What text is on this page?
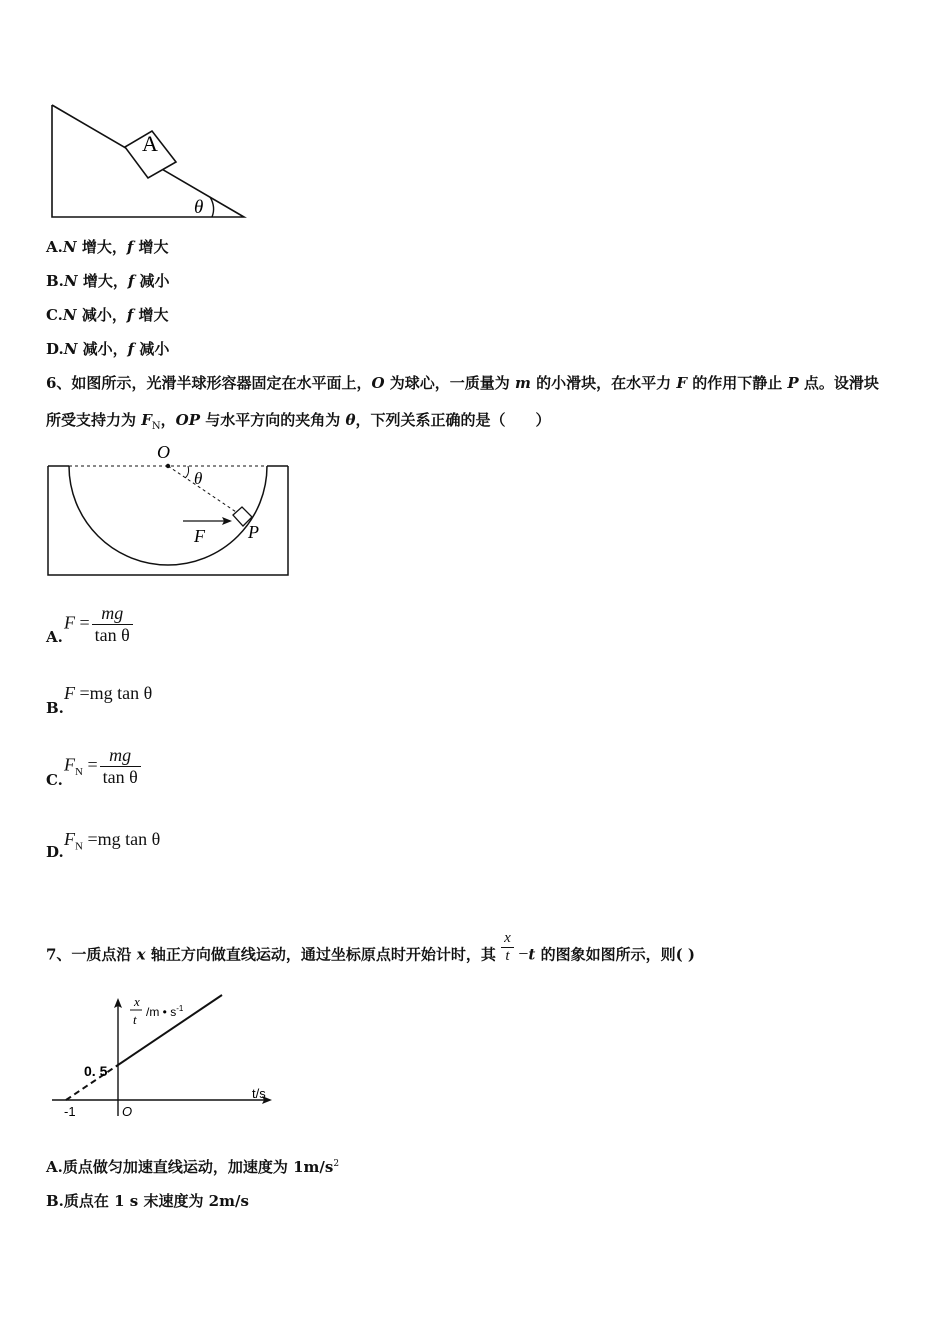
A
θ
A.N 增大，f 增大
B.N 增大，f 减小
C.N 减小，f 增大
D.N 减小，f 减小
6、如图所示，光滑半球形容器固定在水平面上，O 为球心，一质量为 m 的小滑块，在水平力 F 的作用下静止 P 点。设滑块
所受支持力为 $F_N$，OP 与水平方向的夹角为 θ，下列关系正确的是（　　）
O
θ
F P
A.
$F = \frac{mg}{\text{tan θ}}$
B.
F =mg tan θ
C.
$F_N = \frac{mg}{\text{tan θ}}$
D.
$F_N =mg$ tan θ
7、一质点沿 x 轴正方向做直线运动，通过坐标原点时开始计时，其 $\frac{x}{t} -t$ 的图象如图所示，则( )
x
t /m • $s^{-1}$
t/s
O
-1
0. 5
A.质点做匀加速直线运动，加速度为 $1m/s^2$
B.质点在 1 s 末速度为 2m/s
